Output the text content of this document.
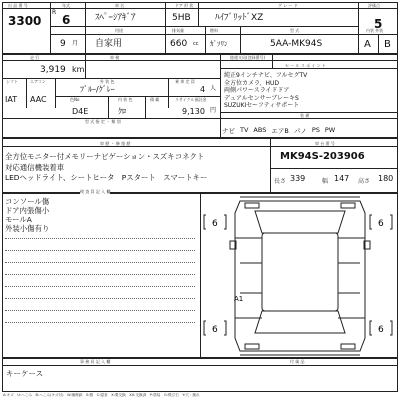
出 品 番 号	年式	車 名	ドア 形 状	グ レ ー ド	評価点
3300
R
6	ｽﾍﾟｰｼｱｷﾞｱ	5HB	ﾊｲﾌﾞﾘｯﾄﾞXZ	5
用途	排気量	燃料	型 式	内装 外装
9 月 自家用	660 cc ｶﾞｿﾘﾝ	5AA-MK94S	A B
走 行	車 検	陸運支局(登録番号)
3,919 km	セ ー ル ス ポ イ ン ト
純正9インチナビ、フルセグTV
全方位カメラ、HUD
両側パワースライドドア
デュアルセンサーブレーキS
SUZUKIセーフティサポート
シフト	エアコン	外 装 色	乗 車 定 員
IAT AAC
ﾌﾞﾙｰ/ｸﾞﾚｰ	4 人
色No	内 装 色	積 載	リサイクル預託金
D4E	ｸﾛ	9,130 円
型 式 指 定 ・ 類 別
装 備
ナビ TV ABS エアB パノ PS PW
車 歴 ・ 修 復 歴
全方位モニター付メモリーナビゲーション・スズキコネクト
対応通信機装着車
LEDヘッドライト、シートヒータ　Pスタート　スマートキー
車 台 番 号
MK94S-203906
長さ 339	幅 147 高さ 180
検 査 員 記 入 欄
コンソール傷
ドア内張傷小
モールA
外装小傷有り	6	6
6	6
A1
事 務 局 記 入 欄	付 属 品
キーケース
A:キズ　U:へこみ　B:へこみ(キズ付)　W:補修跡　S:錆　C:腐食　X:要交換　XX:交換済　P:塗装　G:飛び石　Y:穴・割れ
